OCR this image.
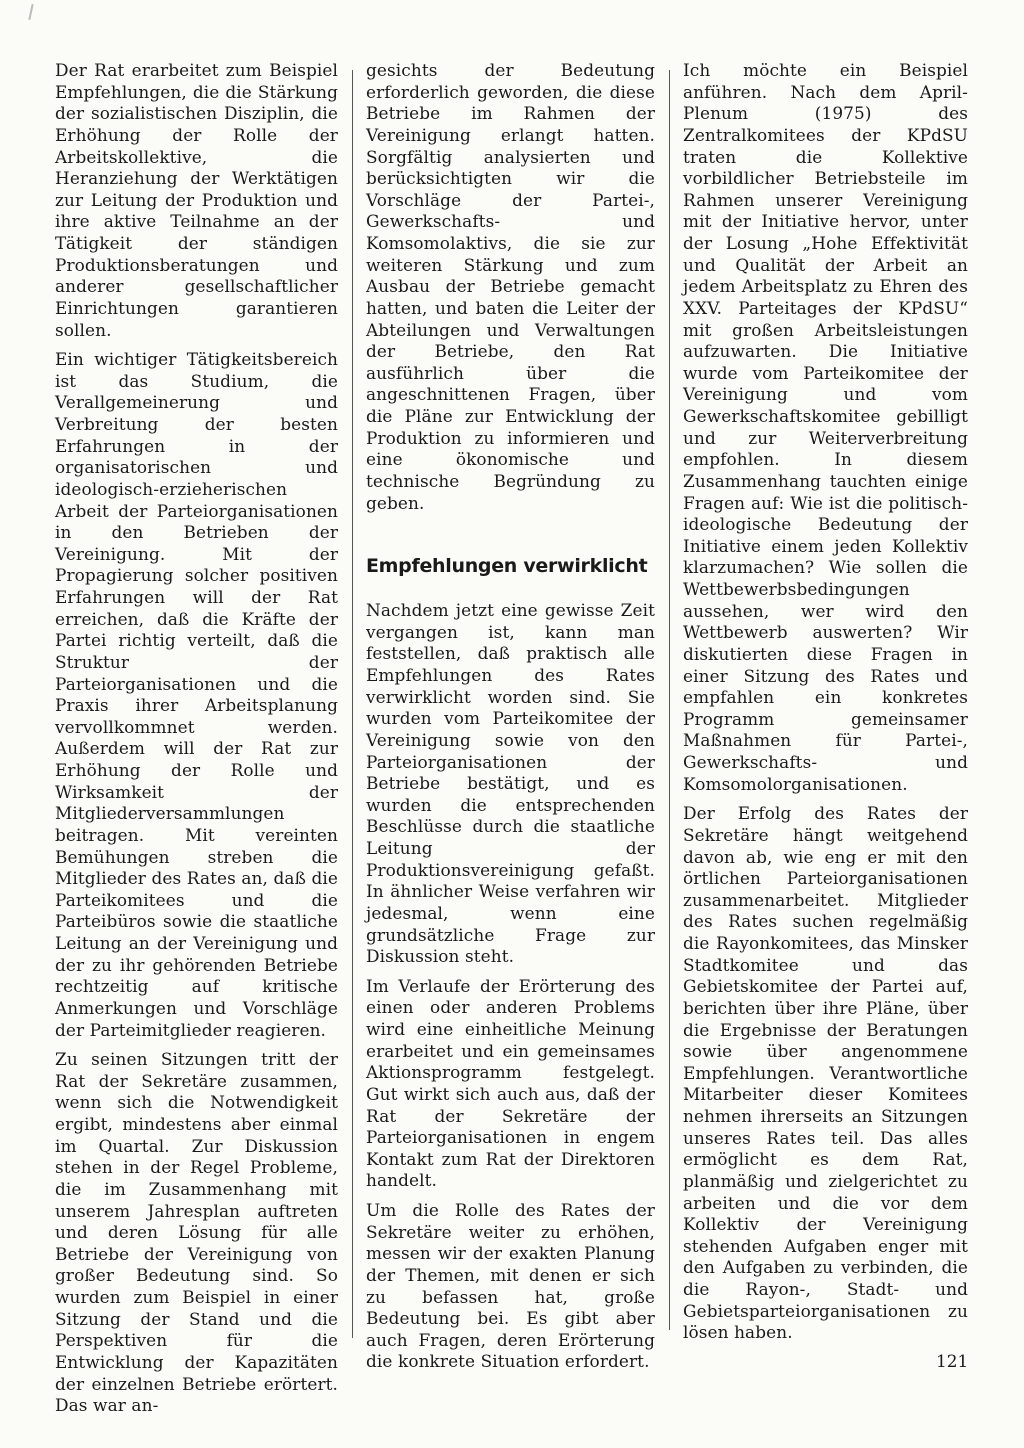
Der Rat erarbeitet zum Beispiel Empfehlungen, die die Stärkung der sozialistischen Disziplin, die Erhöhung der Rolle der Arbeitskollektive, die Heranziehung der Werktätigen zur Leitung der Produktion und ihre aktive Teilnahme an der Tätigkeit der ständigen Produktionsberatungen und anderer gesellschaftlicher Einrichtungen garantieren sollen.

Ein wichtiger Tätigkeitsbereich ist das Studium, die Verallgemeinerung und Verbreitung der besten Erfahrungen in der organisatorischen und ideologisch-erzieherischen Arbeit der Parteiorganisationen in den Betrieben der Vereinigung. Mit der Propagierung solcher positiven Erfahrungen will der Rat erreichen, daß die Kräfte der Partei richtig verteilt, daß die Struktur der Parteiorganisationen und die Praxis ihrer Arbeitsplanung vervollkommnet werden. Außerdem will der Rat zur Erhöhung der Rolle und Wirksamkeit der Mitgliederversammlungen beitragen. Mit vereinten Bemühungen streben die Mitglieder des Rates an, daß die Parteikomitees und die Parteibüros sowie die staatliche Leitung an der Vereinigung und der zu ihr gehörenden Betriebe rechtzeitig auf kritische Anmerkungen und Vorschläge der Parteimitglieder reagieren.

Zu seinen Sitzungen tritt der Rat der Sekretäre zusammen, wenn sich die Notwendigkeit ergibt, mindestens aber einmal im Quartal. Zur Diskussion stehen in der Regel Probleme, die im Zusammenhang mit unserem Jahresplan auftreten und deren Lösung für alle Betriebe der Vereinigung von großer Bedeutung sind. So wurden zum Beispiel in einer Sitzung der Stand und die Perspektiven für die Entwicklung der Kapazitäten der einzelnen Betriebe erörtert. Das war an-

gesichts der Bedeutung erforderlich geworden, die diese Betriebe im Rahmen der Vereinigung erlangt hatten. Sorgfältig analysierten und berücksichtigten wir die Vorschläge der Partei-, Gewerkschafts- und Komsomolaktivs, die sie zur weiteren Stärkung und zum Ausbau der Betriebe gemacht hatten, und baten die Leiter der Abteilungen und Verwaltungen der Betriebe, den Rat ausführlich über die angeschnittenen Fragen, über die Pläne zur Entwicklung der Produktion zu informieren und eine ökonomische und technische Begründung zu geben.

Empfehlungen verwirklicht

Nachdem jetzt eine gewisse Zeit vergangen ist, kann man feststellen, daß praktisch alle Empfehlungen des Rates verwirklicht worden sind. Sie wurden vom Parteikomitee der Vereinigung sowie von den Parteiorganisationen der Betriebe bestätigt, und es wurden die entsprechenden Beschlüsse durch die staatliche Leitung der Produktionsvereinigung gefaßt. In ähnlicher Weise verfahren wir jedesmal, wenn eine grundsätzliche Frage zur Diskussion steht.

Im Verlaufe der Erörterung des einen oder anderen Problems wird eine einheitliche Meinung erarbeitet und ein gemeinsames Aktionsprogramm festgelegt. Gut wirkt sich auch aus, daß der Rat der Sekretäre der Parteiorganisationen in engem Kontakt zum Rat der Direktoren handelt.

Um die Rolle des Rates der Sekretäre weiter zu erhöhen, messen wir der exakten Planung der Themen, mit denen er sich zu befassen hat, große Bedeutung bei. Es gibt aber auch Fragen, deren Erörterung die konkrete Situation erfordert.

Ich möchte ein Beispiel anführen. Nach dem April-Plenum (1975) des Zentralkomitees der KPdSU traten die Kollektive vorbildlicher Betriebsteile im Rahmen unserer Vereinigung mit der Initiative hervor, unter der Losung „Hohe Effektivität und Qualität der Arbeit an jedem Arbeitsplatz zu Ehren des XXV. Parteitages der KPdSU“ mit großen Arbeitsleistungen aufzuwarten. Die Initiative wurde vom Parteikomitee der Vereinigung und vom Gewerkschaftskomitee gebilligt und zur Weiterverbreitung empfohlen. In diesem Zusammenhang tauchten einige Fragen auf: Wie ist die politisch-ideologische Bedeutung der Initiative einem jeden Kollektiv klarzumachen? Wie sollen die Wettbewerbsbedingungen aussehen, wer wird den Wettbewerb auswerten? Wir diskutierten diese Fragen in einer Sitzung des Rates und empfahlen ein konkretes Programm gemeinsamer Maßnahmen für Partei-, Gewerkschafts- und Komsomolorganisationen.

Der Erfolg des Rates der Sekretäre hängt weitgehend davon ab, wie eng er mit den örtlichen Parteiorganisationen zusammenarbeitet. Mitglieder des Rates suchen regelmäßig die Rayonkomitees, das Minsker Stadtkomitee und das Gebietskomitee der Partei auf, berichten über ihre Pläne, über die Ergebnisse der Beratungen sowie über angenommene Empfehlungen. Verantwortliche Mitarbeiter dieser Komitees nehmen ihrerseits an Sitzungen unseres Rates teil. Das alles ermöglicht es dem Rat, planmäßig und zielgerichtet zu arbeiten und die vor dem Kollektiv der Vereinigung stehenden Aufgaben enger mit den Aufgaben zu verbinden, die die Rayon-, Stadt- und Gebietsparteiorganisationen zu lösen haben.

121
